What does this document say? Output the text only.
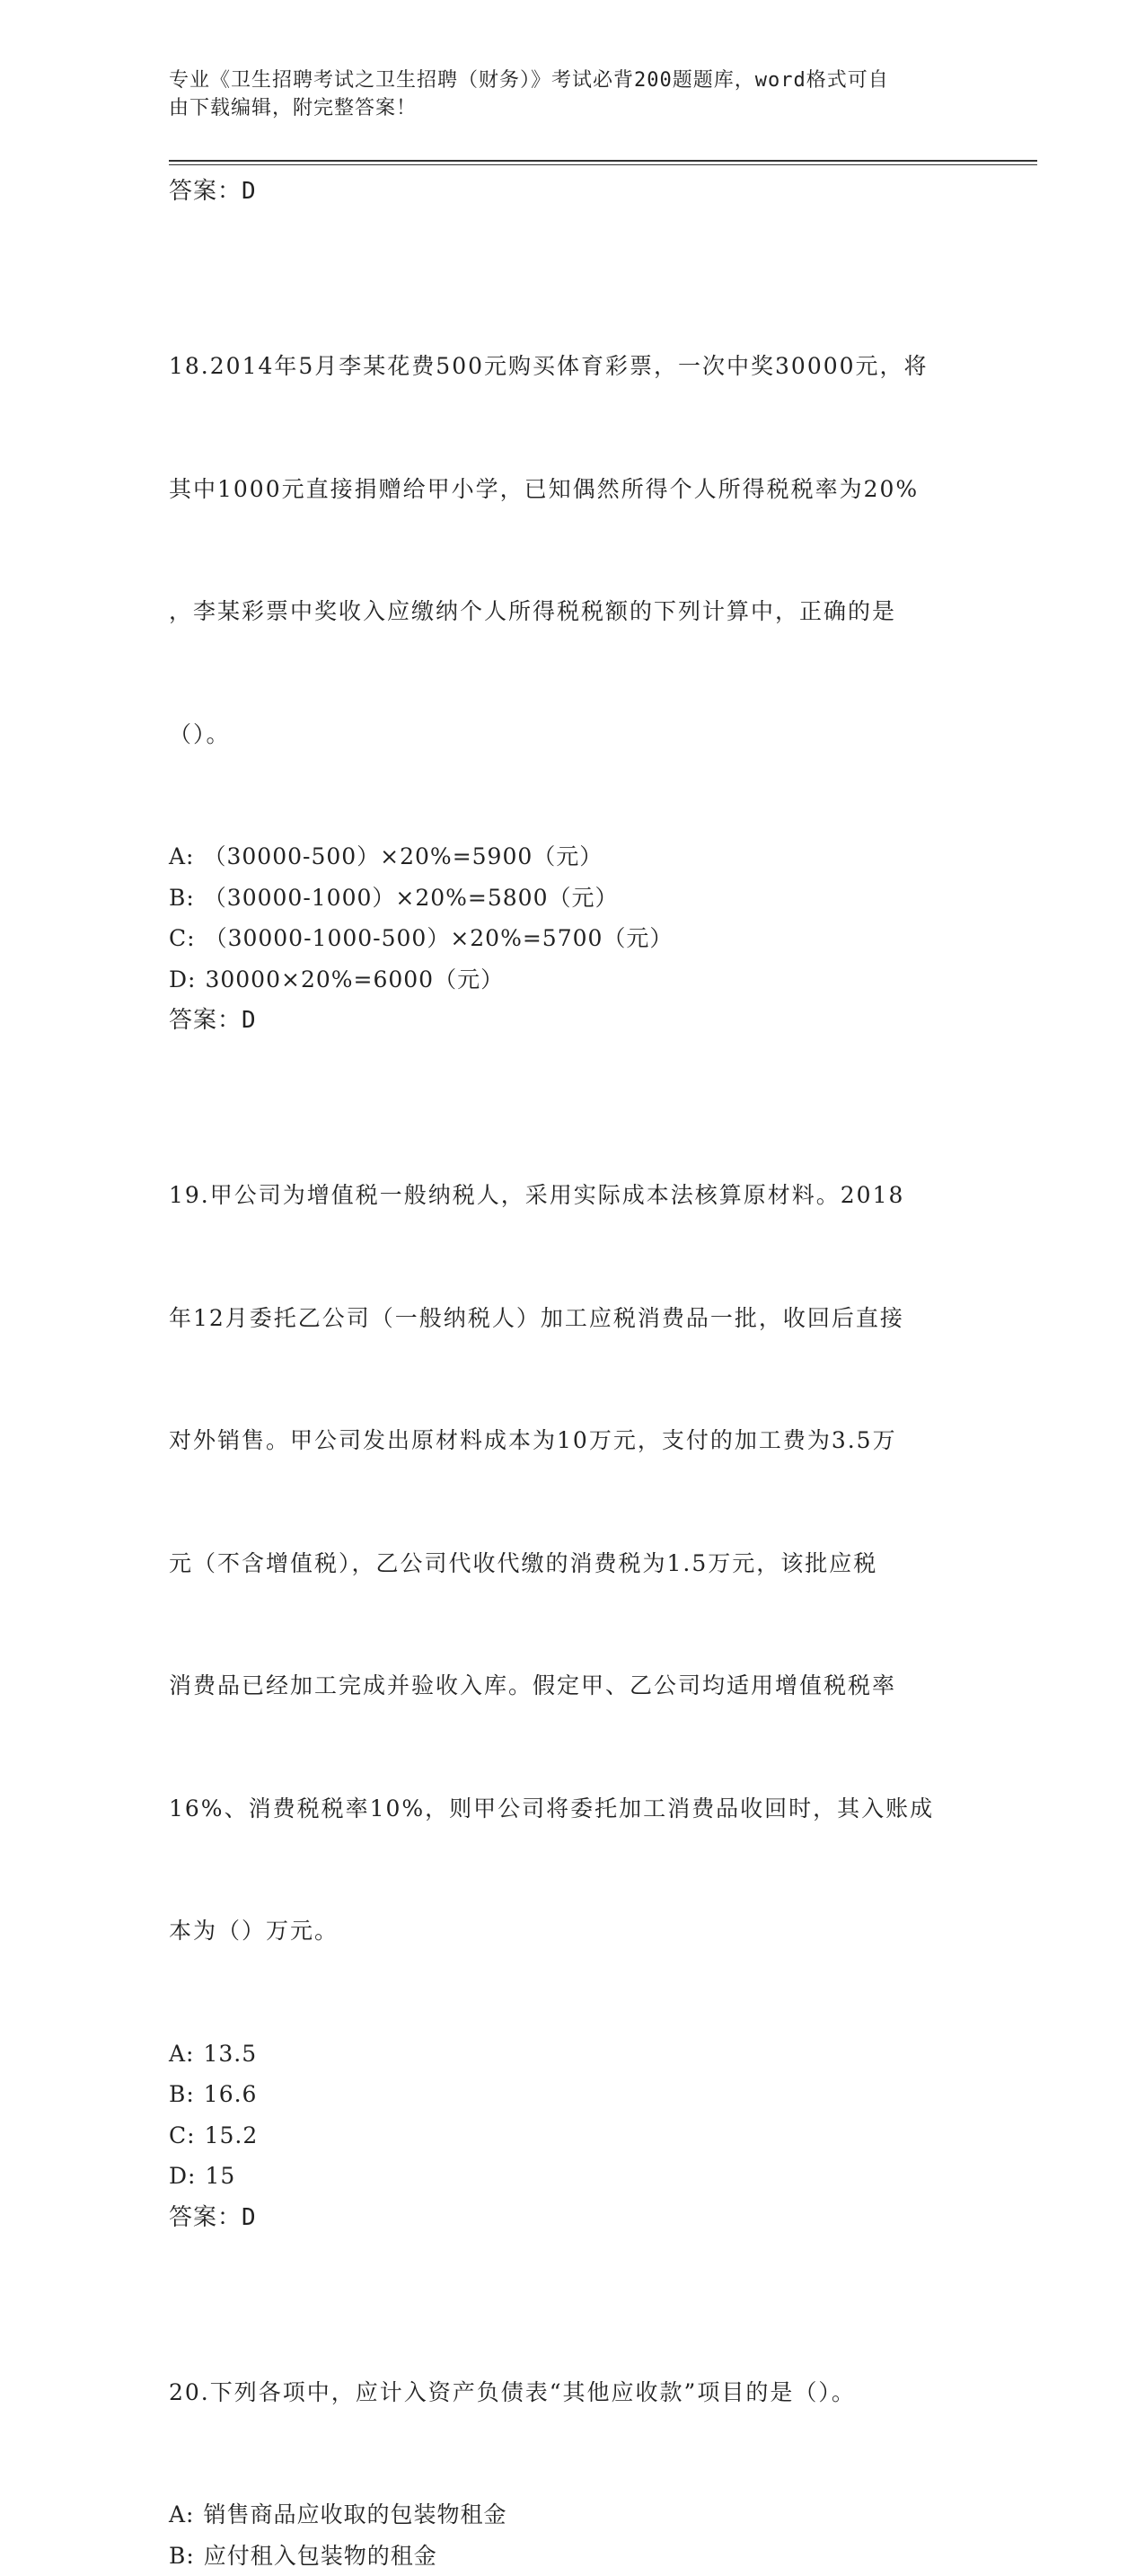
专业《卫生招聘考试之卫生招聘（财务）》考试必背200题题库，word格式可自
由下载编辑，附完整答案！
答案：D

18.2014年5月李某花费500元购买体育彩票，一次中奖30000元，将

其中1000元直接捐赠给甲小学，已知偶然所得个人所得税税率为20%

，李某彩票中奖收入应缴纳个人所得税税额的下列计算中，正确的是

（）。

A: （30000-500）×20%=5900（元）
B: （30000-1000）×20%=5800（元）
C: （30000-1000-500）×20%=5700（元）
D: 30000×20%=6000（元）
答案：D

19.甲公司为增值税一般纳税人，采用实际成本法核算原材料。2018

年12月委托乙公司（一般纳税人）加工应税消费品一批，收回后直接

对外销售。甲公司发出原材料成本为10万元，支付的加工费为3.5万

元（不含增值税），乙公司代收代缴的消费税为1.5万元，该批应税

消费品已经加工完成并验收入库。假定甲、乙公司均适用增值税税率

16%、消费税税率10%，则甲公司将委托加工消费品收回时，其入账成

本为（）万元。

A: 13.5
B: 16.6
C: 15.2
D: 15
答案：D

20.下列各项中，应计入资产负债表“其他应收款”项目的是（）。

A: 销售商品应收取的包装物租金
B: 应付租入包装物的租金
